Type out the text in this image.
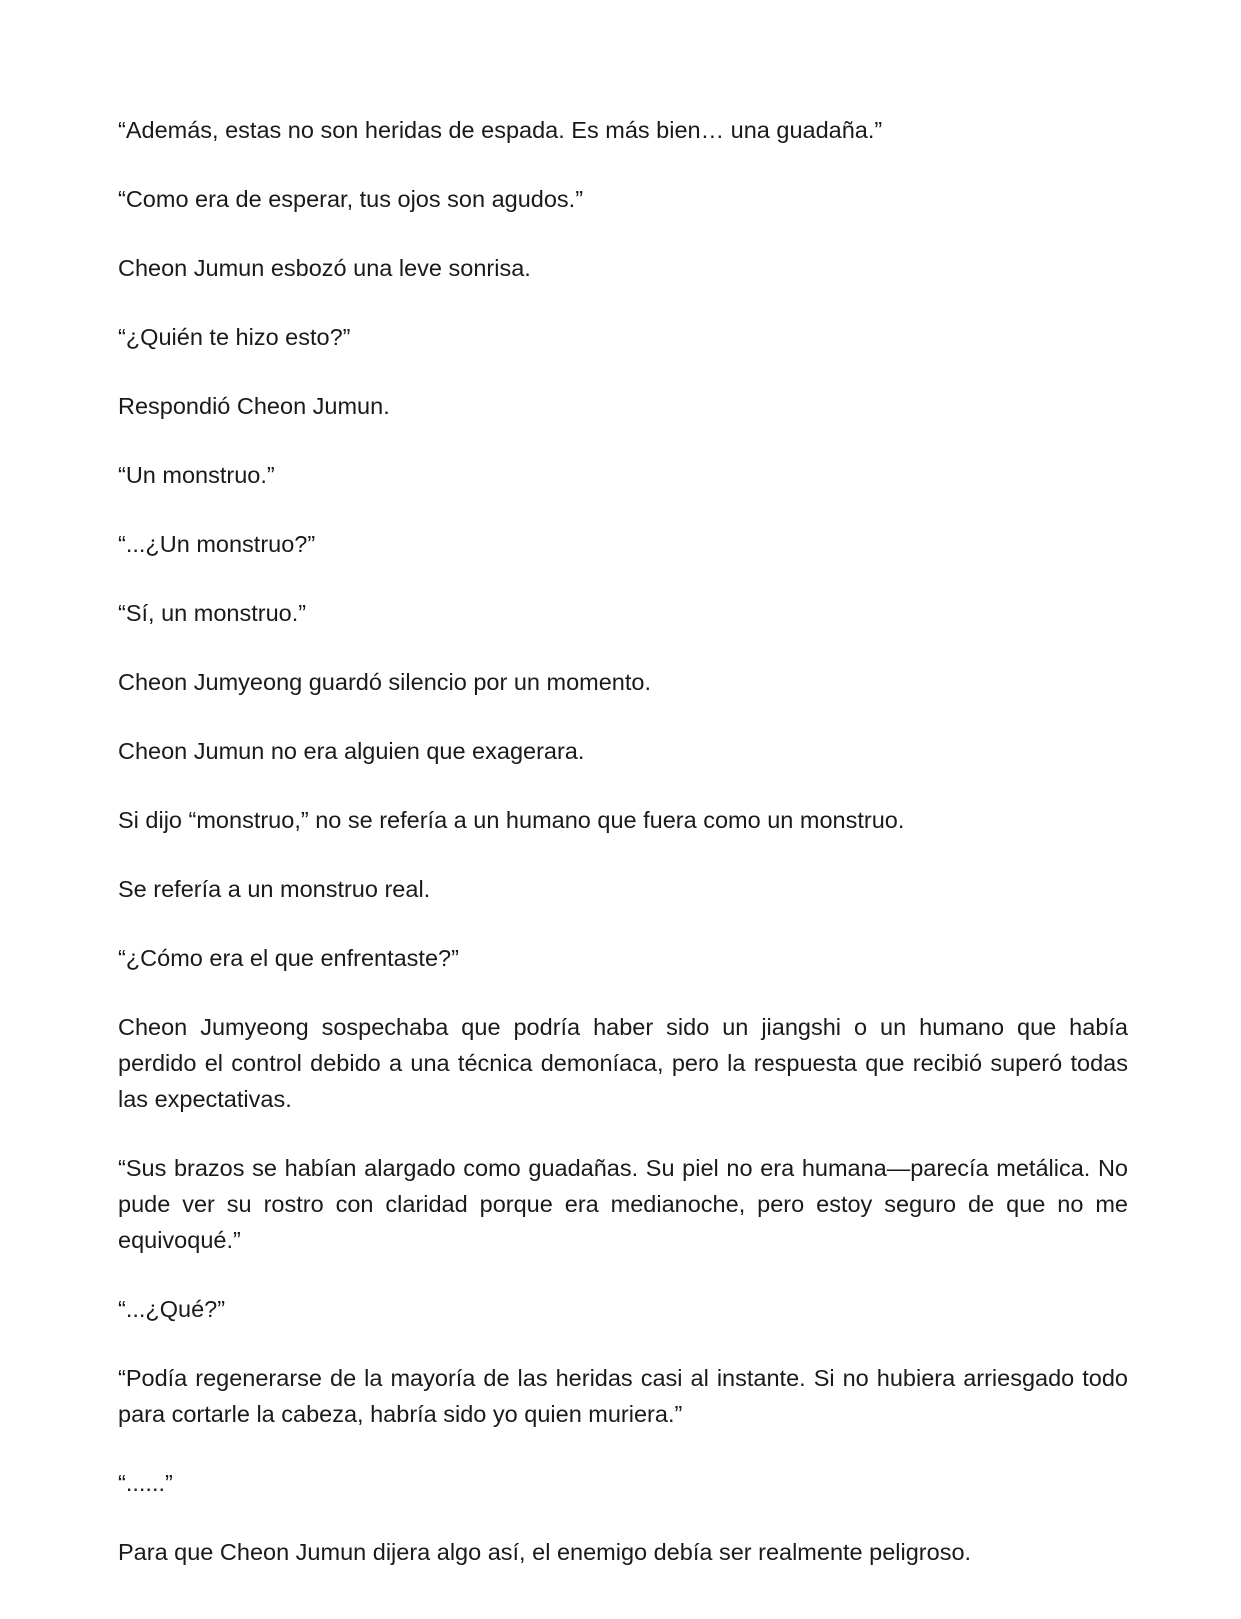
“Además, estas no son heridas de espada. Es más bien… una guadaña.”

“Como era de esperar, tus ojos son agudos.”

Cheon Jumun esbozó una leve sonrisa.

“¿Quién te hizo esto?”

Respondió Cheon Jumun.

“Un monstruo.”

“...¿Un monstruo?”

“Sí, un monstruo.”

Cheon Jumyeong guardó silencio por un momento.

Cheon Jumun no era alguien que exagerara.

Si dijo “monstruo,” no se refería a un humano que fuera como un monstruo.

Se refería a un monstruo real.

“¿Cómo era el que enfrentaste?”

Cheon Jumyeong sospechaba que podría haber sido un jiangshi o un humano que había perdido el control debido a una técnica demoníaca, pero la respuesta que recibió superó todas las expectativas.

“Sus brazos se habían alargado como guadañas. Su piel no era humana—parecía metálica. No pude ver su rostro con claridad porque era medianoche, pero estoy seguro de que no me equivoqué.”

“...¿Qué?”

“Podía regenerarse de la mayoría de las heridas casi al instante. Si no hubiera arriesgado todo para cortarle la cabeza, habría sido yo quien muriera.”

“......”

Para que Cheon Jumun dijera algo así, el enemigo debía ser realmente peligroso.
